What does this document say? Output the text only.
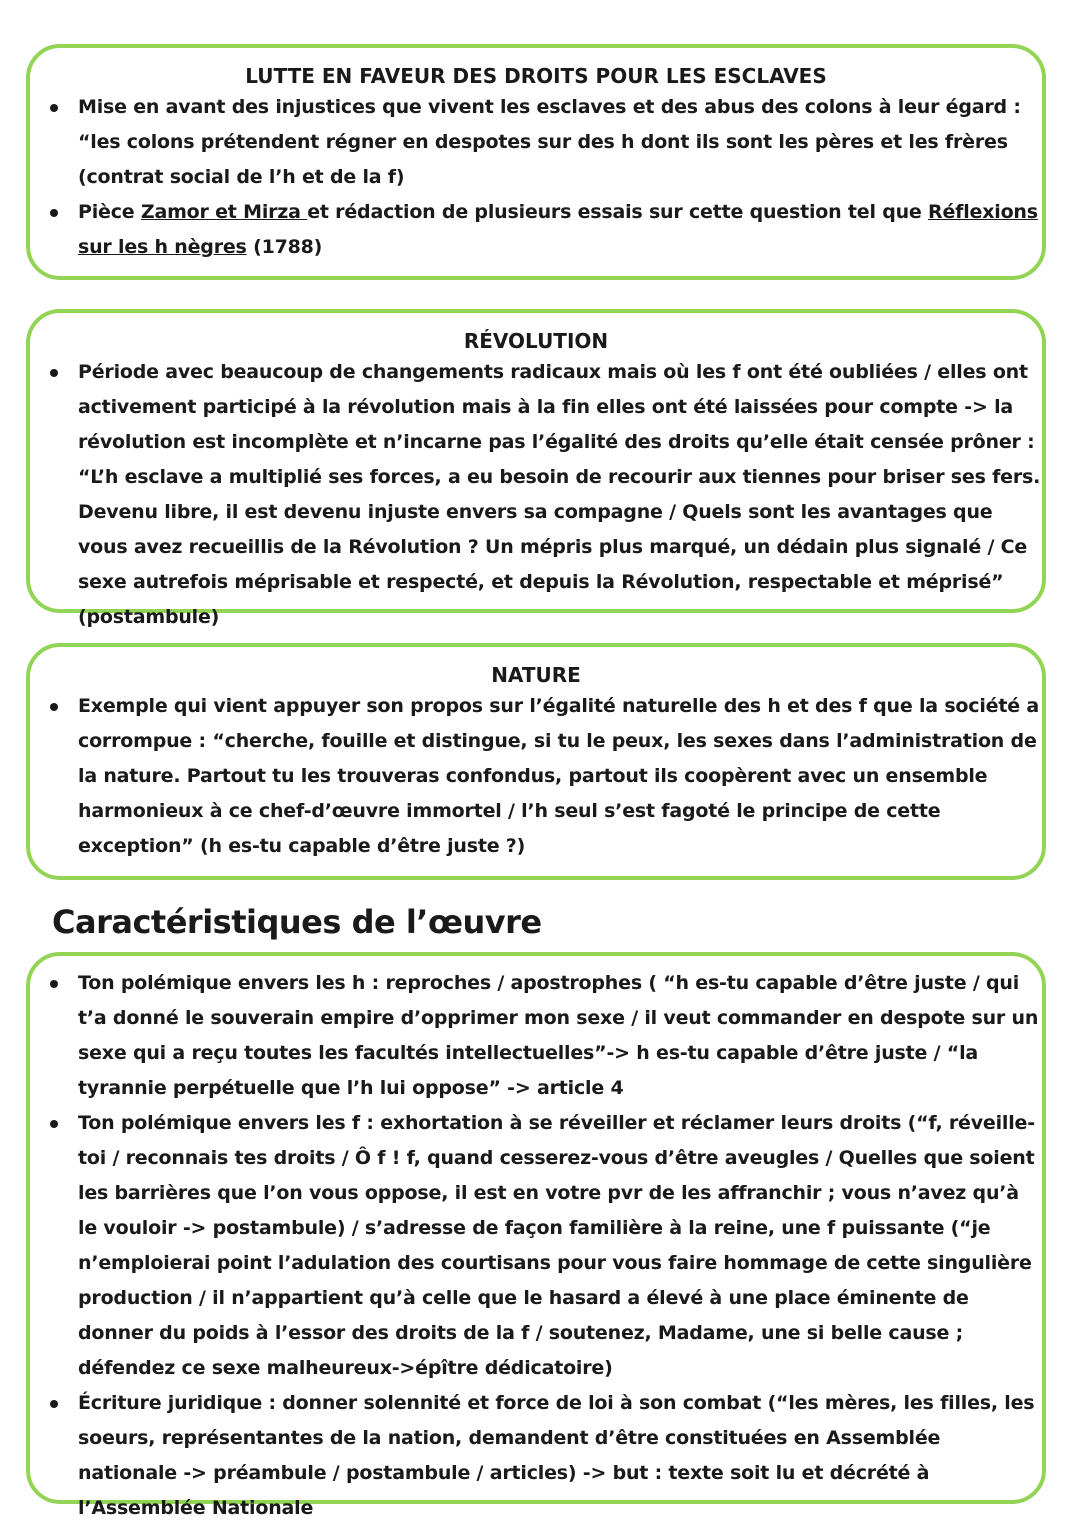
LUTTE EN FAVEUR DES DROITS POUR LES ESCLAVES
Mise en avant des injustices que vivent les esclaves et des abus des colons à leur égard : “les colons prétendent régner en despotes sur des h dont ils sont les pères et les frères (contrat social de l’h et de la f)
Pièce Zamor et Mirza et rédaction de plusieurs essais sur cette question tel que Réflexions sur les h nègres (1788)
RÉVOLUTION
Période avec beaucoup de changements radicaux mais où les f ont été oubliées / elles ont activement participé à la révolution mais à la fin elles ont été laissées pour compte -> la révolution est incomplète et n’incarne pas l’égalité des droits qu’elle était censée prôner : “L’h esclave a multiplié ses forces, a eu besoin de recourir aux tiennes pour briser ses fers. Devenu libre, il est devenu injuste envers sa compagne / Quels sont les avantages que vous avez recueillis de la Révolution ? Un mépris plus marqué, un dédain plus signalé / Ce sexe autrefois méprisable et respecté, et depuis la Révolution, respectable et méprisé” (postambule)
NATURE
Exemple qui vient appuyer son propos sur l’égalité naturelle des h et des f que la société a corrompue : “cherche, fouille et distingue, si tu le peux, les sexes dans l’administration de la nature. Partout tu les trouveras confondus, partout ils coopèrent avec un ensemble harmonieux à ce chef-d’œuvre immortel / l’h seul s’est fagoté le principe de cette exception” (h es-tu capable d’être juste ?)
Caractéristiques de l’œuvre
Ton polémique envers les h : reproches / apostrophes ( “h es-tu capable d’être juste / qui t’a donné le souverain empire d’opprimer mon sexe / il veut commander en despote sur un sexe qui a reçu toutes les facultés intellectuelles”-> h es-tu capable d’être juste / “la tyrannie perpétuelle que l’h lui oppose” -> article 4
Ton polémique envers les f : exhortation à se réveiller et réclamer leurs droits (“f, réveille-toi / reconnais tes droits / Ô f ! f, quand cesserez-vous d’être aveugles / Quelles que soient les barrières que l’on vous oppose, il est en votre pvr de les affranchir ; vous n’avez qu’à le vouloir -> postambule) / s’adresse de façon familière à la reine, une f puissante (“je n’emploierai point l’adulation des courtisans pour vous faire hommage de cette singulière production / il n’appartient qu’à celle que le hasard a élevé à une place éminente de donner du poids à l’essor des droits de la f / soutenez, Madame, une si belle cause ; défendez ce sexe malheureux->épître dédicatoire)
Écriture juridique : donner solennité et force de loi à son combat (“les mères, les filles, les soeurs, représentantes de la nation, demandent d’être constituées en Assemblée nationale -> préambule / postambule / articles) -> but : texte soit lu et décrété à l’Assemblée Nationale
